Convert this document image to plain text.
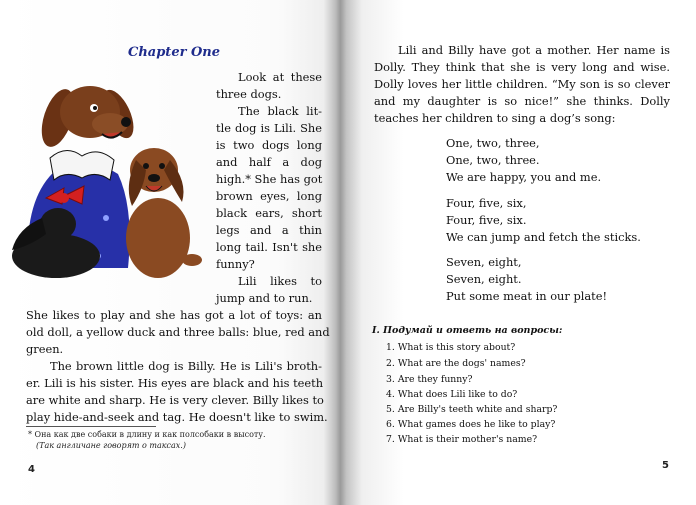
Chapter One
Look at these
three dogs.
The black lit-
tle dog is Lili. She
is two dogs long
and half a dog
high.* She has got
brown eyes, long
black ears, short
legs and a thin
long tail. Isn't she
funny?
Lili likes to
jump and to run.
She likes to play and she has got a lot of toys: an
old doll, a yellow duck and three balls: blue, red and
green.
The brown little dog is Billy. He is Lili's broth-
er. Lili is his sister. His eyes are black and his teeth
are white and sharp. He is very clever. Billy likes to
play hide-and-seek and tag. He doesn't like to swim.
* Она как две собаки в длину и как полсобаки в высоту.
(Так англичане говорят о таксах.)
4
Lili and Billy have got a mother. Her name is
Dolly. They think that she is very long and wise.
Dolly loves her little children. “My son is so clever
and my daughter is so nice!” she thinks. Dolly
teaches her children to sing a dog’s song:
One, two, three,
One, two, three.
We are happy, you and me.
Four, five, six,
Four, five, six.
We can jump and fetch the sticks.
Seven, eight,
Seven, eight.
Put some meat in our plate!
I. Подумай и ответь на вопросы:
1. What is this story about?
2. What are the dogs' names?
3. Are they funny?
4. What does Lili like to do?
5. Are Billy's teeth white and sharp?
6. What games does he like to play?
7. What is their mother's name?
5
